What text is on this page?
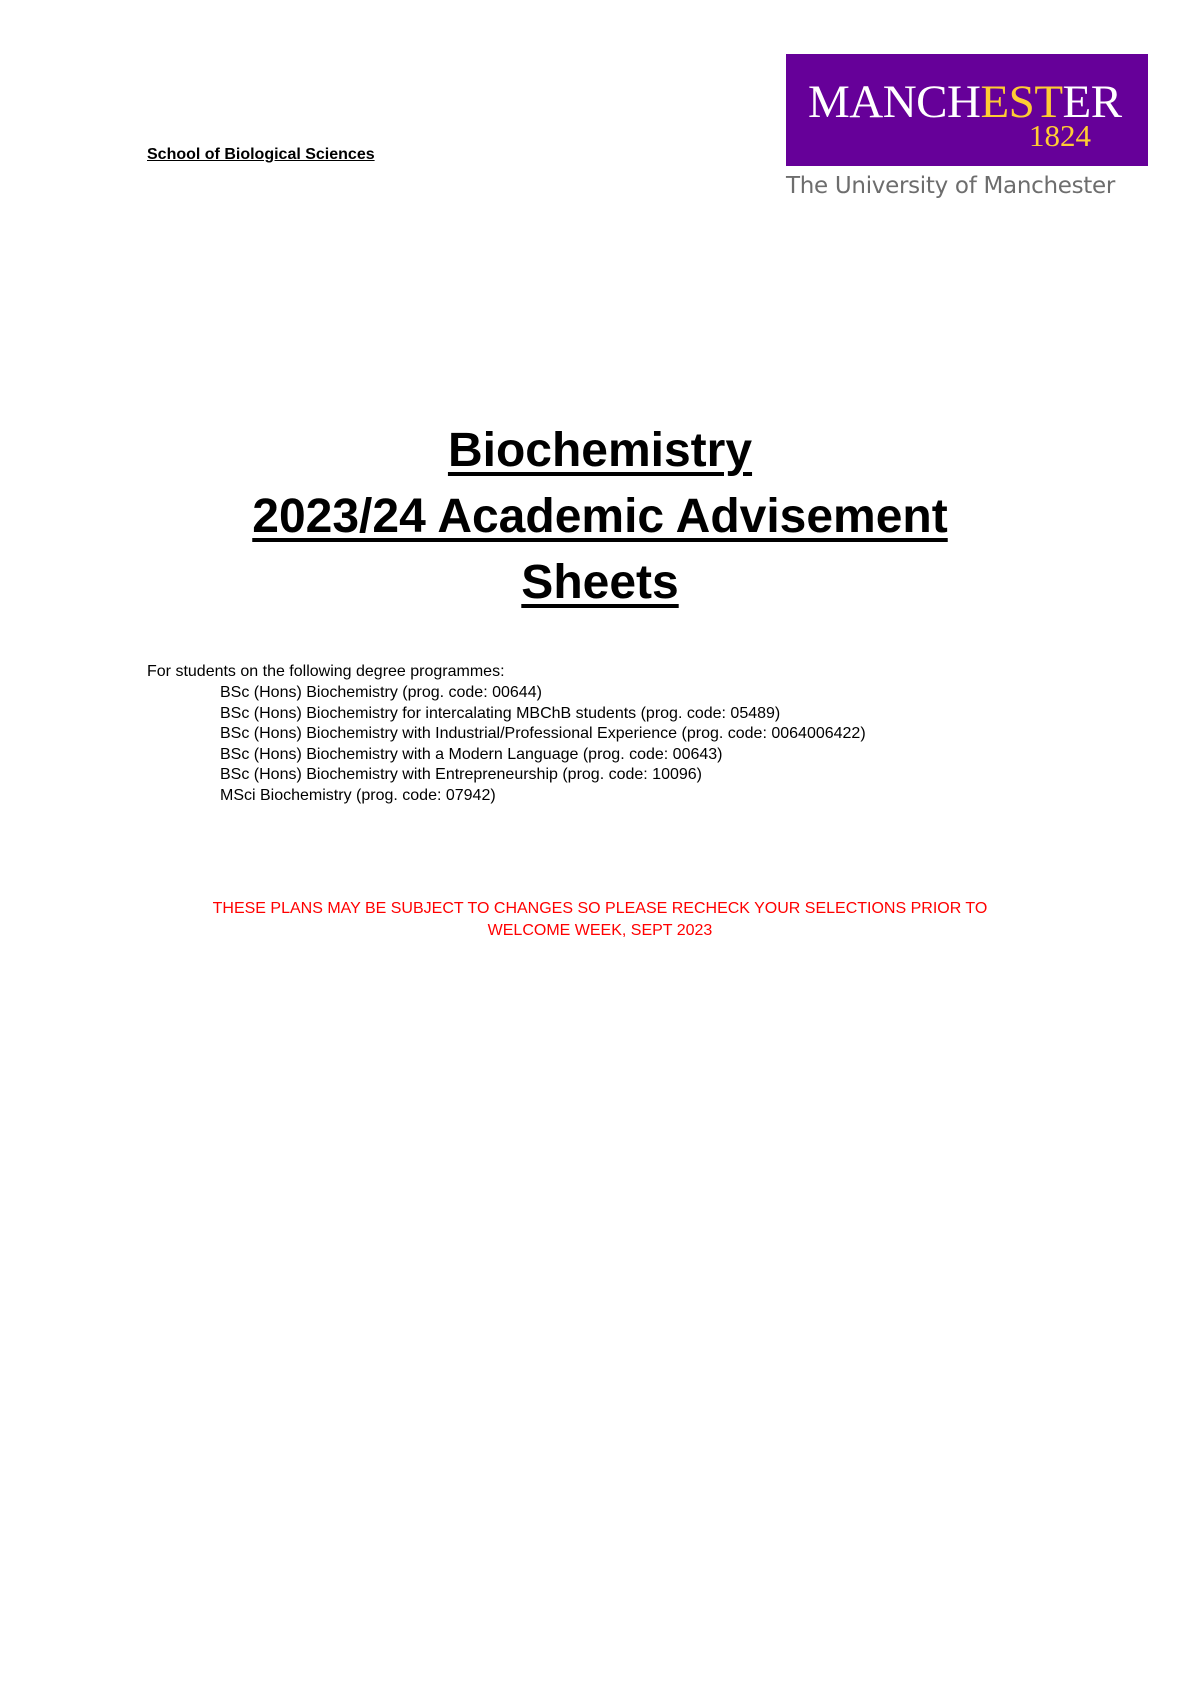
School of Biological Sciences
MANCHESTER
1824
The University of Manchester
Biochemistry
2023/24 Academic Advisement
Sheets
For students on the following degree programmes:
BSc (Hons) Biochemistry (prog. code: 00644)
BSc (Hons) Biochemistry for intercalating MBChB students (prog. code: 05489)
BSc (Hons) Biochemistry with Industrial/Professional Experience (prog. code: 0064006422)
BSc (Hons) Biochemistry with a Modern Language (prog. code: 00643)
BSc (Hons) Biochemistry with Entrepreneurship (prog. code: 10096)
MSci Biochemistry (prog. code: 07942)
THESE PLANS MAY BE SUBJECT TO CHANGES SO PLEASE RECHECK YOUR SELECTIONS PRIOR TO
WELCOME WEEK, SEPT 2023
